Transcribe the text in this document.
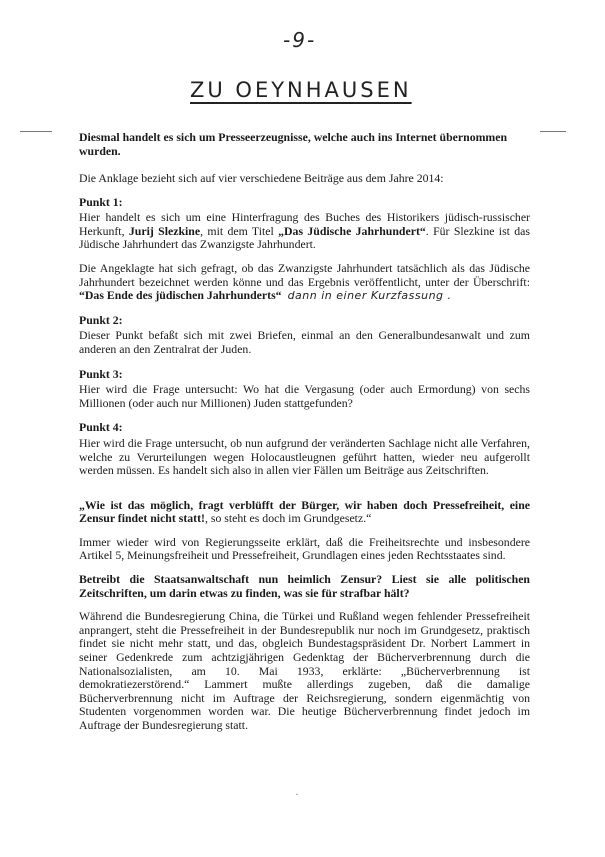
-9-
ZU OEYNHAUSEN

Diesmal handelt es sich um Presseerzeugnisse, welche auch ins Internet übernommen wurden.

Die Anklage bezieht sich auf vier verschiedene Beiträge aus dem Jahre 2014:

Punkt 1:

Hier handelt es sich um eine Hinterfragung des Buches des Historikers jüdisch-russischer Herkunft, Jurij Slezkine, mit dem Titel „Das Jüdische Jahrhundert“. Für Slezkine ist das Jüdische Jahrhundert das Zwanzigste Jahrhundert.

Die Angeklagte hat sich gefragt, ob das Zwanzigste Jahrhundert tatsächlich als das Jüdische Jahrhundert bezeichnet werden könne und das Ergebnis veröffentlicht, unter der Überschrift: “Das Ende des jüdischen Jahrhunderts“ dann in einer Kurzfassung .

Punkt 2:

Dieser Punkt befaßt sich mit zwei Briefen, einmal an den Generalbundesanwalt und zum anderen an den Zentralrat der Juden.

Punkt 3:

Hier wird die Frage untersucht: Wo hat die Vergasung (oder auch Ermordung) von sechs Millionen (oder auch nur Millionen) Juden stattgefunden?

Punkt 4:

Hier wird die Frage untersucht, ob nun aufgrund der veränderten Sachlage nicht alle Verfahren, welche zu Verurteilungen wegen Holocaustleugnen geführt hatten, wieder neu aufgerollt werden müssen. Es handelt sich also in allen vier Fällen um Beiträge aus Zeitschriften.

„Wie ist das möglich, fragt verblüfft der Bürger, wir haben doch Pressefreiheit, eine Zensur findet nicht statt!, so steht es doch im Grundgesetz.“

Immer wieder wird von Regierungsseite erklärt, daß die Freiheitsrechte und insbesondere Artikel 5, Meinungsfreiheit und Pressefreiheit, Grundlagen eines jeden Rechtsstaates sind.

Betreibt die Staatsanwaltschaft nun heimlich Zensur? Liest sie alle politischen Zeitschriften, um darin etwas zu finden, was sie für strafbar hält?

Während die Bundesregierung China, die Türkei und Rußland wegen fehlender Pressefreiheit anprangert, steht die Pressefreiheit in der Bundesrepublik nur noch im Grundgesetz, praktisch findet sie nicht mehr statt, und das, obgleich Bundestagspräsident Dr. Norbert Lammert in seiner Gedenkrede zum achtzigjährigen Gedenktag der Bücherverbrennung durch die Nationalsozialisten, am 10. Mai 1933, erklärte: „Bücherverbrennung ist demokratiezerstörend.“ Lammert mußte allerdings zugeben, daß die damalige Bücherverbrennung nicht im Auftrage der Reichsregierung, sondern eigenmächtig von Studenten vorgenommen worden war. Die heutige Bücherverbrennung findet jedoch im Auftrage der Bundesregierung statt.

·
